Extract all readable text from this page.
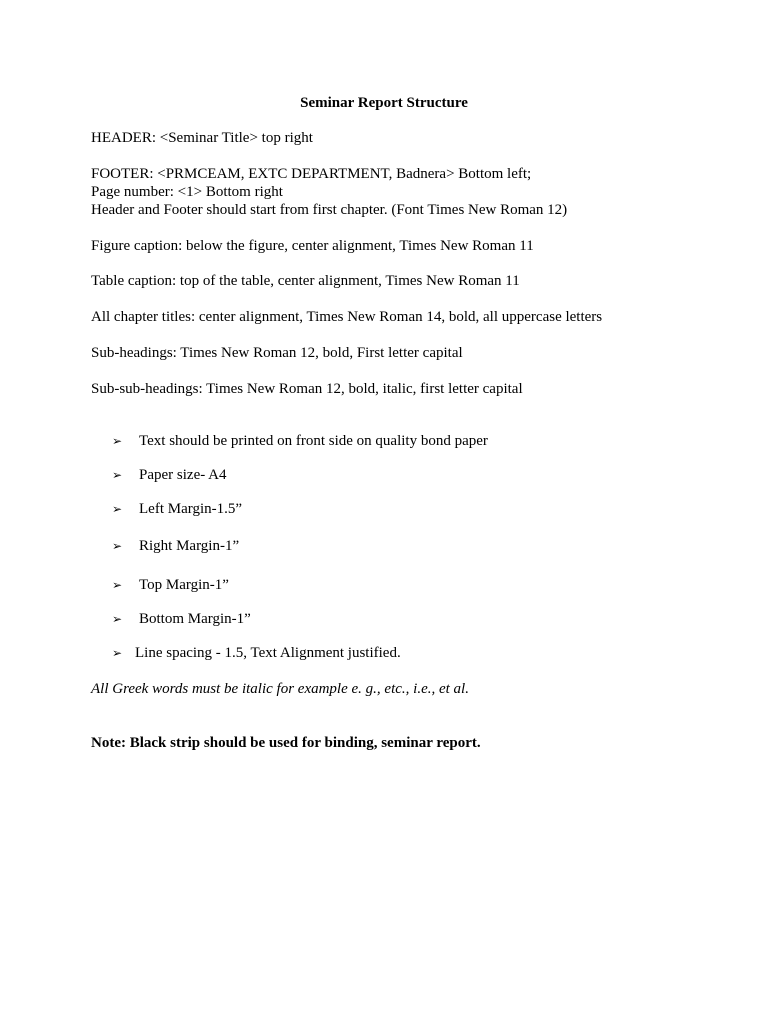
Seminar Report Structure
HEADER: <Seminar Title> top right
FOOTER: <PRMCEAM, EXTC DEPARTMENT, Badnera> Bottom left;
Page number: <1> Bottom right
Header and Footer should start from first chapter. (Font Times New Roman 12)
Figure caption: below the figure, center alignment, Times New Roman 11
Table caption: top of the table, center alignment, Times New Roman 11
All chapter titles: center alignment, Times New Roman 14, bold, all uppercase letters
Sub-headings: Times New Roman 12, bold, First letter capital
Sub-sub-headings: Times New Roman 12, bold, italic, first letter capital
➢ Text should be printed on front side on quality bond paper
➢ Paper size- A4
➢ Left Margin-1.5”
➢ Right Margin-1”
➢ Top Margin-1”
➢ Bottom Margin-1”
➢ Line spacing - 1.5, Text Alignment justified.
All Greek words must be italic for example e. g., etc., i.e., et al.
Note: Black strip should be used for binding, seminar report.
